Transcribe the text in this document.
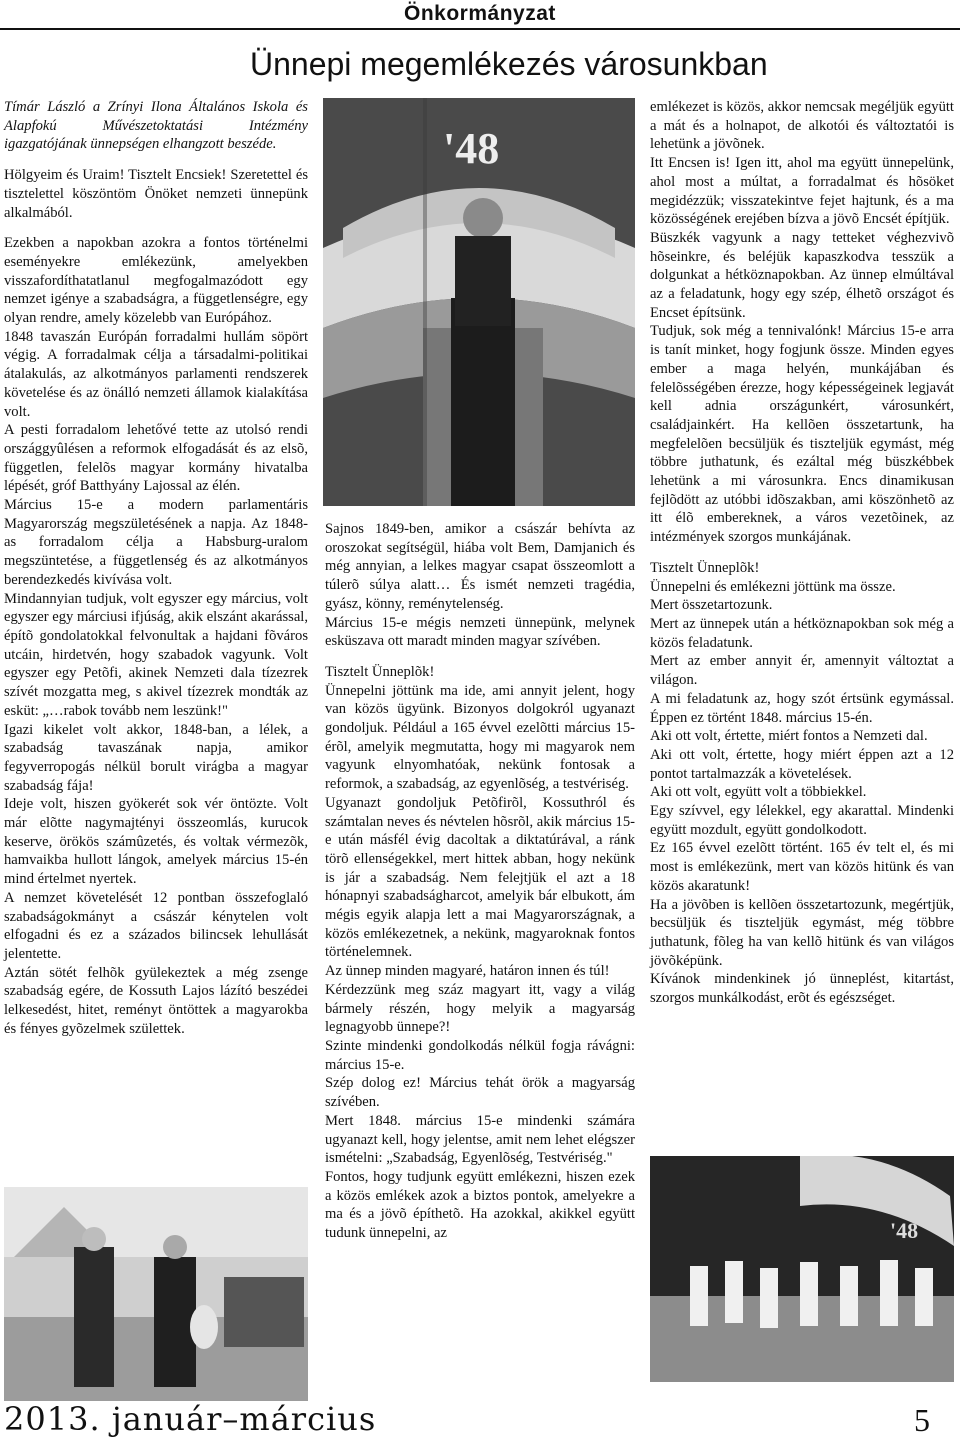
Önkormányzat
Ünnepi megemlékezés városunkban

Tímár László a Zrínyi Ilona Általános Iskola és Alapfokú Művészetoktatási Intézmény igazgatójának ünnepségen elhangzott beszéde.

Hölgyeim és Uraim! Tisztelt Encsiek! Szeretettel és tisztelettel köszöntöm Önöket nemzeti ünnepünk alkalmából.

Ezekben a napokban azokra a fontos történelmi eseményekre emlékezünk, amelyekben visszafordíthatatlanul megfogalmazódott egy nemzet igénye a szabadságra, a függetlenségre, egy olyan rendre, amely közelebb van Európához.

1848 tavaszán Európán forradalmi hullám söpört végig. A forradalmak célja a társadalmi-politikai átalakulás, az alkotmányos parlamenti rendszerek követelése és az önálló nemzeti államok kialakítása volt.

A pesti forradalom lehetővé tette az utolsó rendi országgyûlésen a reformok elfogadását és az elsõ, független, felelõs magyar kormány hivatalba lépését, gróf Batthyány Lajossal az élén.

Március 15-e a modern parlamentáris Magyarország megszületésének a napja. Az 1848-as forradalom célja a Habsburg-uralom megszüntetése, a függetlenség és az alkotmányos berendezkedés kivívása volt.

Mindannyian tudjuk, volt egyszer egy március, volt egyszer egy márciusi ifjúság, akik elszánt akarással, építõ gondolatokkal felvonultak a hajdani fõváros utcáin, hirdetvén, hogy szabadok vagyunk. Volt egyszer egy Petõfi, akinek Nemzeti dala tízezrek szívét mozgatta meg, s akivel tízezrek mondták az esküt: „…rabok tovább nem leszünk!"

Igazi kikelet volt akkor, 1848-ban, a lélek, a szabadság tavaszának napja, amikor fegyverropogás nélkül borult virágba a magyar szabadság fája!

Ideje volt, hiszen gyökerét sok vér öntözte. Volt már elõtte nagymajtényi összeomlás, kurucok keserve, örökös számûzetés, és voltak vérmezõk, hamvaikba hullott lángok, amelyek március 15-én mind értelmet nyertek.

A nemzet követelését 12 pontban összefoglaló szabadságokmányt a császár kénytelen volt elfogadni és ez a százados bilincsek lehullását jelentette.

Aztán sötét felhõk gyülekeztek a még zsenge szabadság egére, de Kossuth Lajos lázító beszédei lelkesedést, hitet, reményt öntöttek a magyarokba és fényes gyõzelmek születtek.

'48

Sajnos 1849-ben, amikor a császár behívta az oroszokat segítségül, hiába volt Bem, Damjanich és még annyian, a lelkes magyar csapat összeomlott a túlerõ súlya alatt… És ismét nemzeti tragédia, gyász, könny, reménytelenség.

Március 15-e mégis nemzeti ünnepünk, melynek esküszava ott maradt minden magyar szívében.

Tisztelt Ünneplõk!

Ünnepelni jöttünk ma ide, ami annyit jelent, hogy van közös ügyünk. Bizonyos dolgokról ugyanazt gondoljuk. Például a 165 évvel ezelõtti március 15-érõl, amelyik megmutatta, hogy mi magyarok nem vagyunk elnyomhatóak, nekünk fontosak a reformok, a szabadság, az egyenlõség, a testvériség.

Ugyanazt gondoljuk Petõfirõl, Kossuthról és számtalan neves és névtelen hõsrõl, akik március 15-e után másfél évig dacoltak a diktatúrával, a ránk törõ ellenségekkel, mert hittek abban, hogy nekünk is jár a szabadság. Nem felejtjük el azt a 18 hónapnyi szabadságharcot, amelyik bár elbukott, ám mégis egyik alapja lett a mai Magyarországnak, a közös emlékezetnek, a nekünk, magyaroknak fontos történelemnek.

Az ünnep minden magyaré, határon innen és túl!

Kérdezzünk meg száz magyart itt, vagy a világ bármely részén, hogy melyik a magyarság legnagyobb ünnepe?!

Szinte mindenki gondolkodás nélkül fogja rávágni: március 15-e.

Szép dolog ez! Március tehát örök a magyarság szívében.

Mert 1848. március 15-e mindenki számára ugyanazt kell, hogy jelentse, amit nem lehet elégszer ismételni: „Szabadság, Egyenlõség, Testvériség."

Fontos, hogy tudjunk együtt emlékezni, hiszen ezek a közös emlékek azok a biztos pontok, amelyekre a ma és a jövõ építhetõ. Ha azokkal, akikkel együtt tudunk ünnepelni, az

emlékezet is közös, akkor nemcsak megéljük együtt a mát és a holnapot, de alkotói és változtatói is lehetünk a jövõnek.

Itt Encsen is! Igen itt, ahol ma együtt ünnepelünk, ahol most a múltat, a forradalmat és hõsöket megidézzük; visszatekintve fejet hajtunk, és a ma közösségének erejében bízva a jövõ Encsét építjük.

Büszkék vagyunk a nagy tetteket véghezvivõ hõseinkre, és beléjük kapaszkodva tesszük a dolgunkat a hétköznapokban. Az ünnep elmúltával az a feladatunk, hogy egy szép, élhetõ országot és Encset építsünk.

Tudjuk, sok még a tennivalónk! Március 15-e arra is tanít minket, hogy fogjunk össze. Minden egyes ember a maga helyén, munkájában és felelõsségében érezze, hogy képességeinek legjavát kell adnia országunkért, városunkért, családjainkért. Ha kellõen összetartunk, ha megfelelõen becsüljük és tiszteljük egymást, még többre juthatunk, és ezáltal még büszkébbek lehetünk a mi városunkra. Encs dinamikusan fejlõdött az utóbbi idõszakban, ami köszönhetõ az itt élõ embereknek, a város vezetõinek, az intézmények szorgos munkájának.

Tisztelt Ünneplõk!

Ünnepelni és emlékezni jöttünk ma össze.

Mert összetartozunk.

Mert az ünnepek után a hétköznapokban sok még a közös feladatunk.

Mert az ember annyit ér, amennyit változtat a világon.

A mi feladatunk az, hogy szót értsünk egymással. Éppen ez történt 1848. március 15-én.

Aki ott volt, értette, miért fontos a Nemzeti dal.

Aki ott volt, értette, hogy miért éppen azt a 12 pontot tartalmazzák a követelések.

Aki ott volt, együtt volt a többiekkel.

Egy szívvel, egy lélekkel, egy akarattal. Mindenki együtt mozdult, együtt gondolkodott.

Ez 165 évvel ezelõtt történt. 165 év telt el, és mi most is emlékezünk, mert van közös hitünk és van közös akaratunk!

Ha a jövõben is kellõen összetartozunk, megértjük, becsüljük és tiszteljük egymást, még többre juthatunk, fõleg ha van kellõ hitünk és van világos jövõképünk.

Kívánok mindenkinek jó ünneplést, kitartást, szorgos munkálkodást, erõt és egészséget.

'48
2013. január–március	5
